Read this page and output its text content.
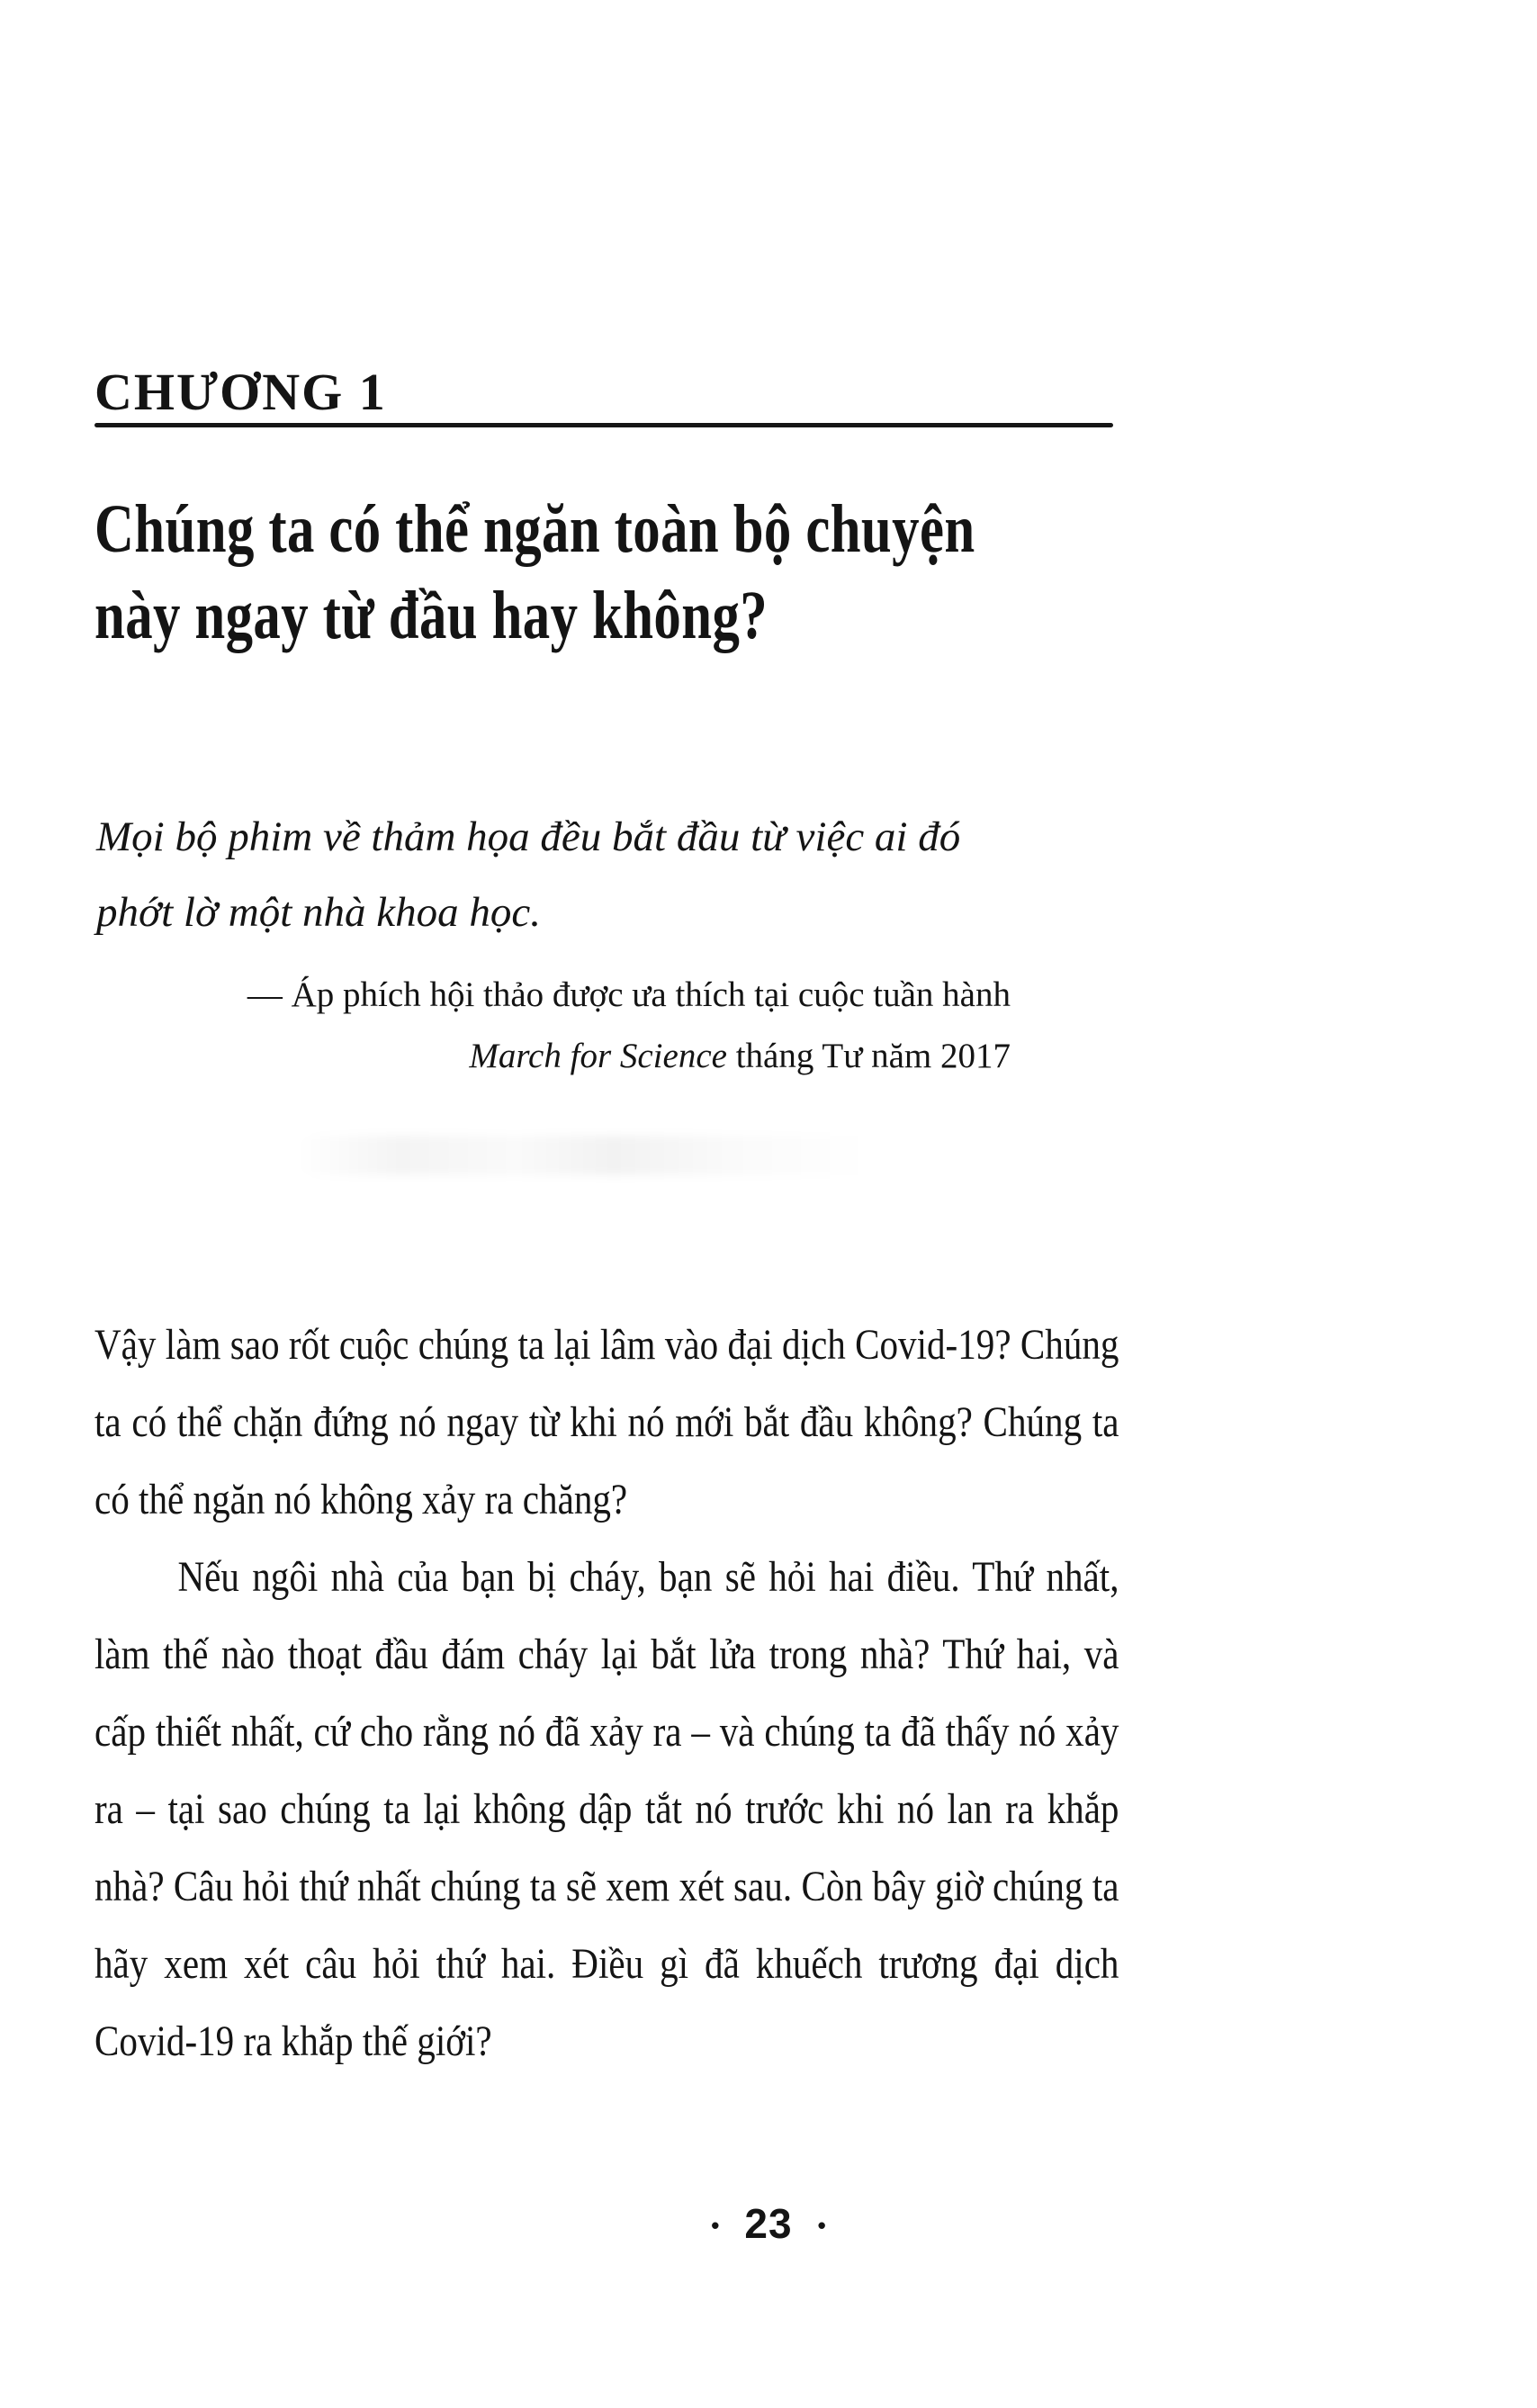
CHƯƠNG 1
Chúng ta có thể ngăn toàn bộ chuyện
này ngay từ đầu hay không?
Mọi bộ phim về thảm họa đều bắt đầu từ việc ai đó
phớt lờ một nhà khoa học.
— Áp phích hội thảo được ưa thích tại cuộc tuần hành
March for Science tháng Tư năm 2017

Vậy làm sao rốt cuộc chúng ta lại lâm vào đại dịch Covid-19? Chúng ta có thể chặn đứng nó ngay từ khi nó mới bắt đầu không? Chúng ta có thể ngăn nó không xảy ra chăng?

Nếu ngôi nhà của bạn bị cháy, bạn sẽ hỏi hai điều. Thứ nhất, làm thế nào thoạt đầu đám cháy lại bắt lửa trong nhà? Thứ hai, và cấp thiết nhất, cứ cho rằng nó đã xảy ra – và chúng ta đã thấy nó xảy ra – tại sao chúng ta lại không dập tắt nó trước khi nó lan ra khắp nhà? Câu hỏi thứ nhất chúng ta sẽ xem xét sau. Còn bây giờ chúng ta hãy xem xét câu hỏi thứ hai. Điều gì đã khuếch trương đại dịch Covid-19 ra khắp thế giới?

• 23 •
